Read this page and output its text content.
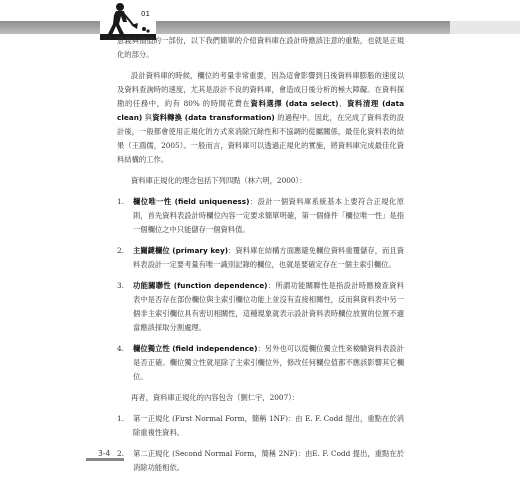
01

意義與價值的一部份，以下我們簡單的介紹資料庫在設計時應該注意的重點，也就是正規化的部分。

設計資料庫的時候，欄位的考量非常重要，因為這會影響到日後資料庫膨脹的速度以及資料查詢時的速度，尤其是設計不良的資料庫，會造成日後分析的極大障礙。在資料探勘的任務中，約有 80% 的時間花費在資料選擇 (data select)、資料清理 (data clean) 與資料轉換 (data transformation) 的過程中。因此，在完成了資料表的設計後，一般都會使用正規化的方式來消除冗餘性和不協調的從屬關係，最佳化資料表的結果（王鴻儒，2005）。一般而言，資料庫可以透過正規化的實施，將資料庫完成最佳化資料結構的工作。

資料庫正規化的理念包括下列四點（林六明，2000）：

1.	欄位唯一性 (field uniqueness)：設計一個資料庫系統基本上要符合正規化原則，首先資料表設計時欄位內容一定要求簡單明確，第一個條件「欄位唯一性」是指一個欄位之中只能儲存一個資料值。
2.	主關鍵欄位 (primary key)：資料庫在結構方面應避免欄位資料重覆儲存，而且資料表設計一定要考量有唯一識別記錄的欄位，也就是要確定存在一個主索引欄位。
3.	功能關聯性 (function dependence)：所謂功能關聯性是指設計時應檢查資料表中是否存在部份欄位與主索引欄位功能上並沒有直接相關性，反而與資料表中另一個非主索引欄位具有密切相關性，這種現象就表示設計資料表時欄位放置的位置不適當應該採取分割處理。
4.	欄位獨立性 (field independence)：另外也可以從欄位獨立性來檢驗資料表設計是否正確。欄位獨立性就是除了主索引欄位外，修改任何欄位值都不應該影響其它欄位。

再者，資料庫正規化的內容包含（劉仁宇，2007）：

1.	第一正規化 (First Normal Form，簡稱 1NF)：由 E. F. Codd 提出，重點在於消除重複性資料。
2.	第二正規化 (Second Normal Form，簡稱 2NF)：由E. F. Codd 提出，重點在於消除功能相依。
3-4
